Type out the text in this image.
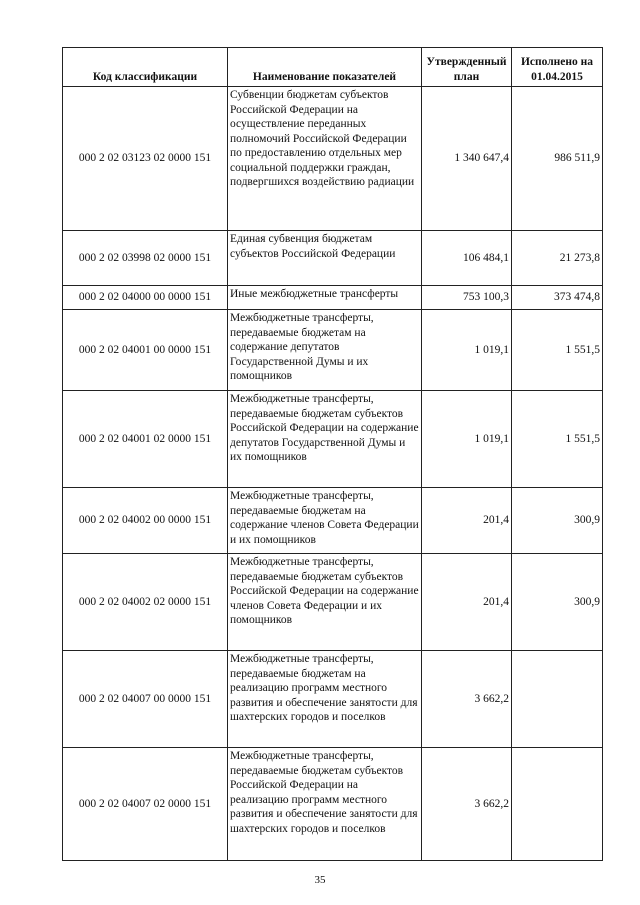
Код классификации	Наименование показателей	Утвержденный план	Исполнено на 01.04.2015
000 2 02 03123 02 0000 151	Субвенции бюджетам субъектов Российской Федерации на осуществление переданных полномочий Российской Федерации по предоставлению отдельных мер социальной поддержки граждан, подвергшихся воздействию радиации	1 340 647,4	986 511,9
000 2 02 03998 02 0000 151	Единая субвенция бюджетам субъектов Российской Федерации	106 484,1	21 273,8
000 2 02 04000 00 0000 151	Иные межбюджетные трансферты	753 100,3	373 474,8
000 2 02 04001 00 0000 151	Межбюджетные трансферты, передаваемые бюджетам на содержание депутатов Государственной Думы и их помощников	1 019,1	1 551,5
000 2 02 04001 02 0000 151	Межбюджетные трансферты, передаваемые бюджетам субъектов Российской Федерации на содержание депутатов Государственной Думы и их помощников	1 019,1	1 551,5
000 2 02 04002 00 0000 151	Межбюджетные трансферты, передаваемые бюджетам на содержание членов Совета Федерации и их помощников	201,4	300,9
000 2 02 04002 02 0000 151	Межбюджетные трансферты, передаваемые бюджетам субъектов Российской Федерации на содержание членов Совета Федерации и их помощников	201,4	300,9
000 2 02 04007 00 0000 151	Межбюджетные трансферты, передаваемые бюджетам на реализацию программ местного развития и обеспечение занятости для шахтерских городов и поселков	3 662,2	
000 2 02 04007 02 0000 151	Межбюджетные трансферты, передаваемые бюджетам субъектов Российской Федерации на реализацию программ местного развития и обеспечение занятости для шахтерских городов и поселков	3 662,2	
35
